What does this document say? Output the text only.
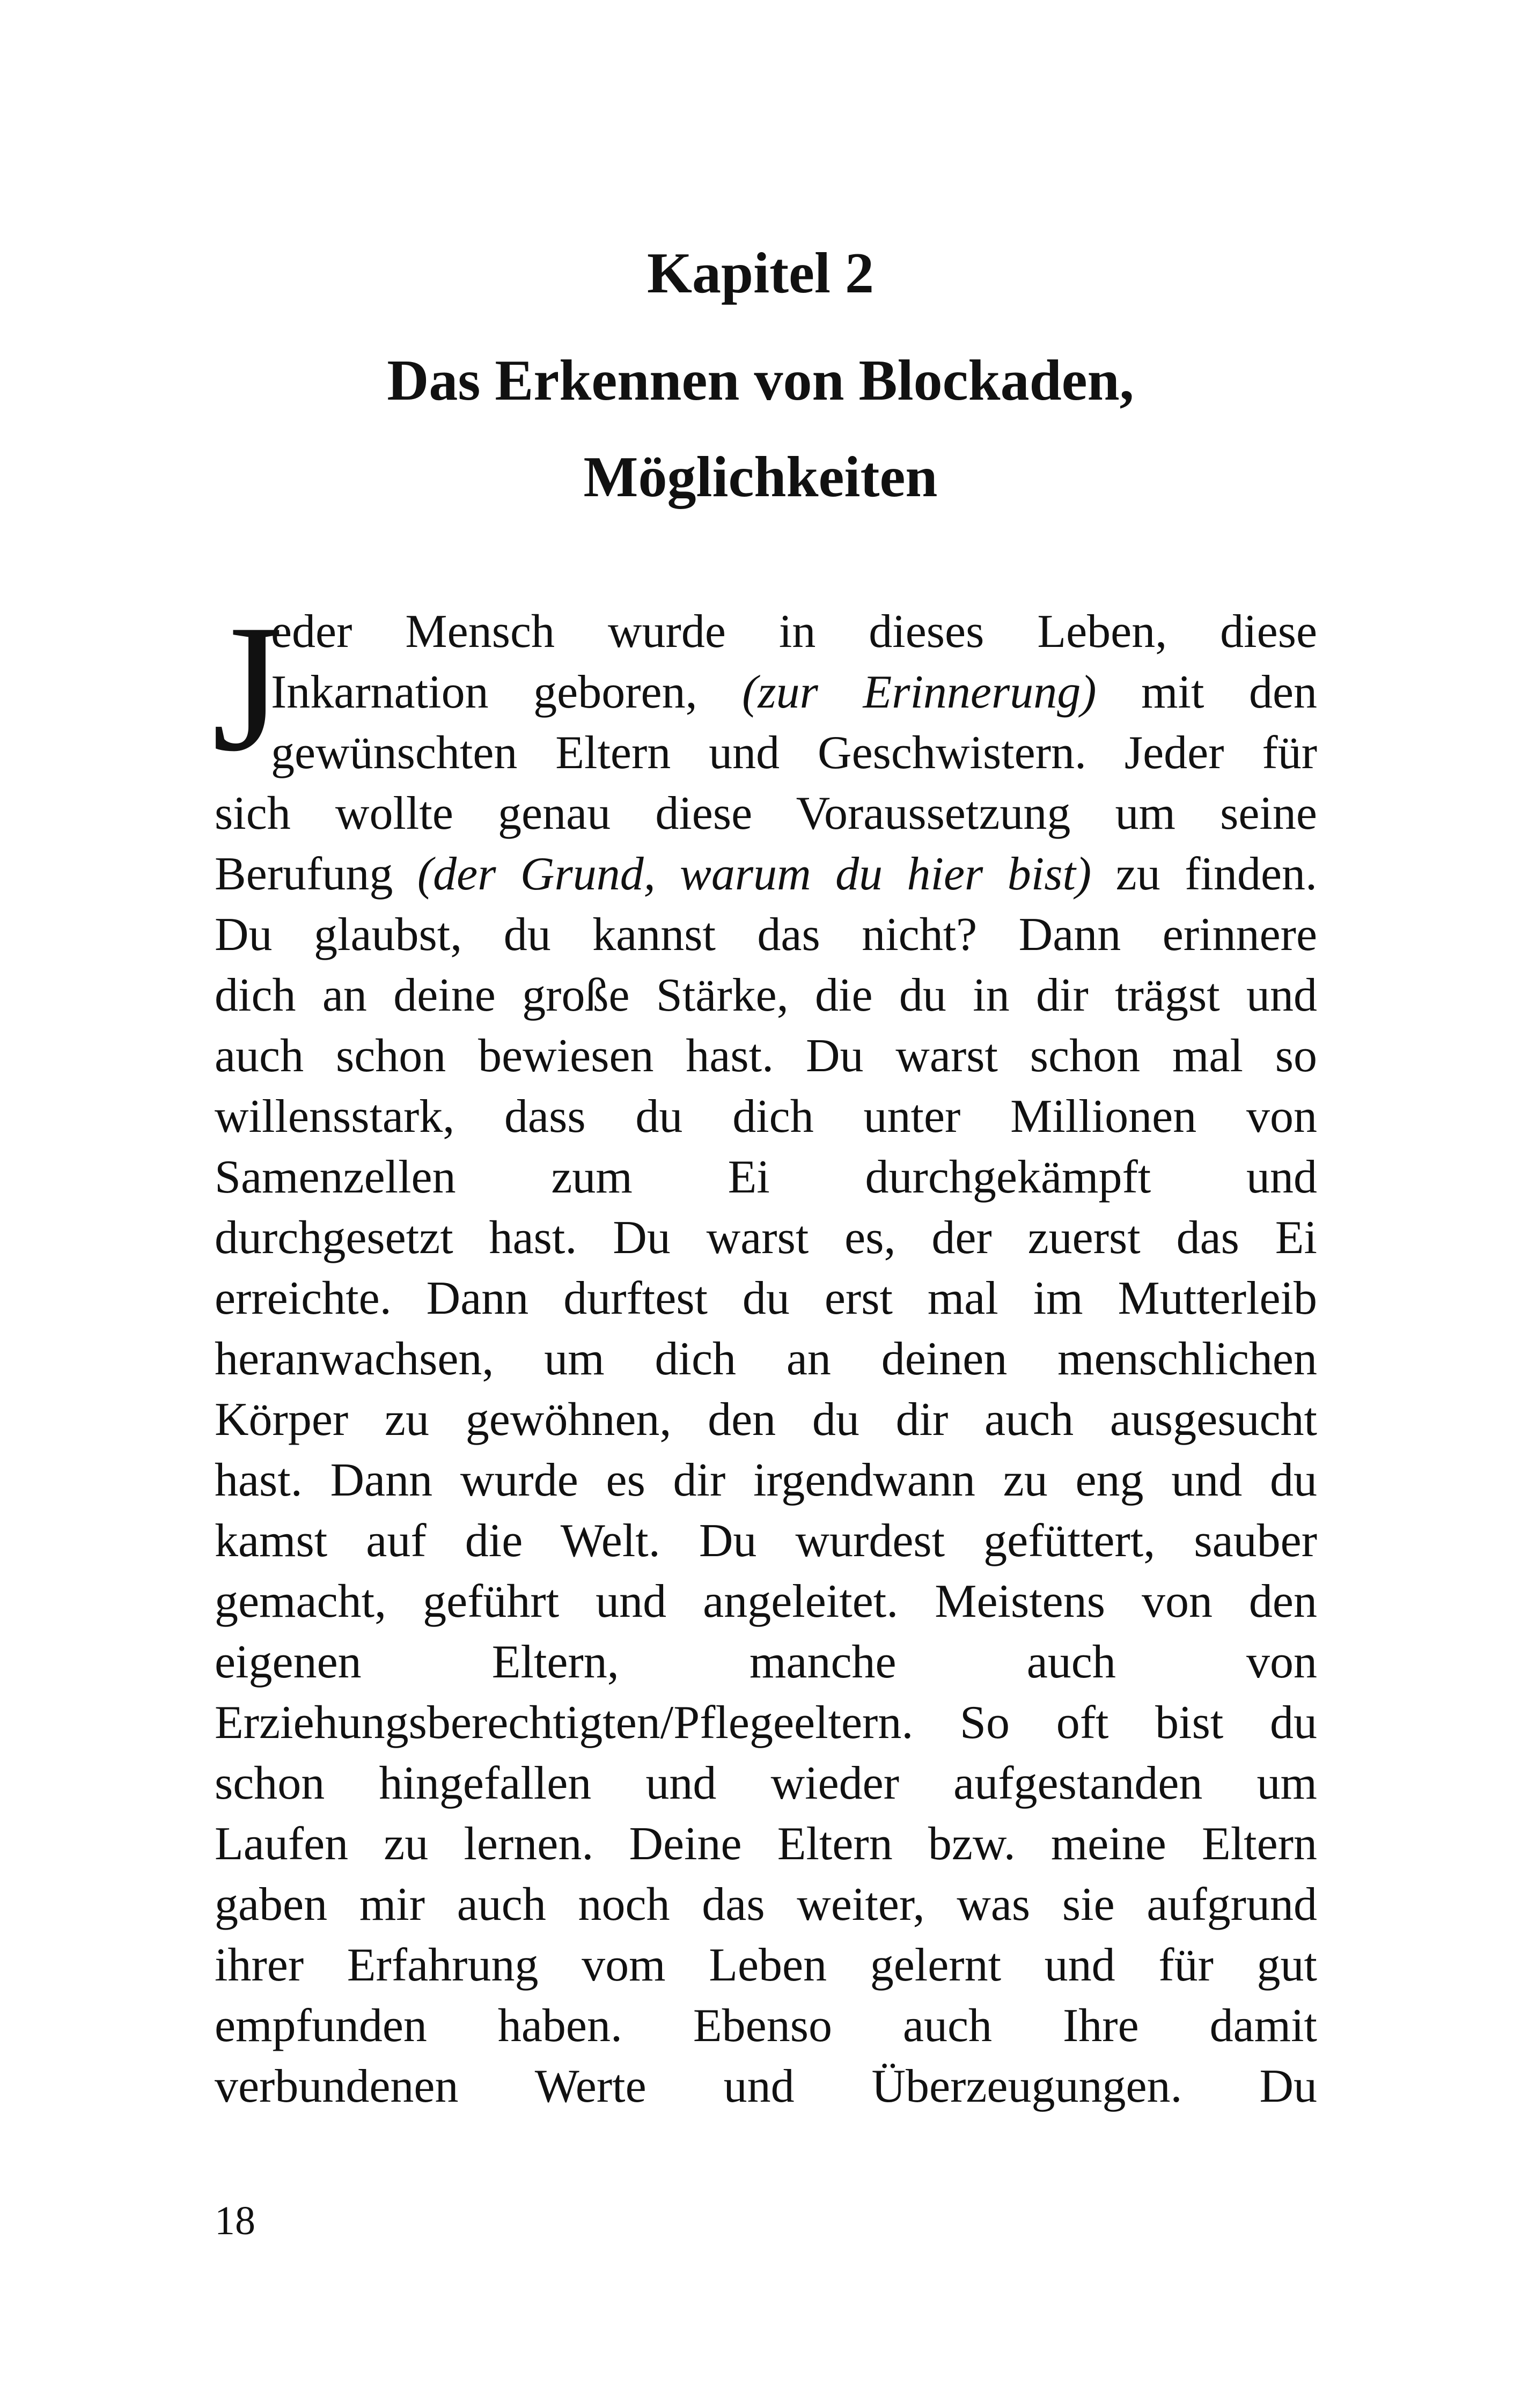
Kapitel 2
Das Erkennen von Blockaden,
Möglichkeiten
J
eder Mensch wurde in dieses Leben, diese
Inkarnation geboren, (zur Erinnerung) mit den
gewünschten Eltern und Geschwistern. Jeder für
sich wollte genau diese Voraussetzung um seine
Berufung (der Grund, warum du hier bist) zu finden.
Du glaubst, du kannst das nicht? Dann erinnere
dich an deine große Stärke, die du in dir trägst und
auch schon bewiesen hast. Du warst schon mal so
willensstark, dass du dich unter Millionen von
Samenzellen zum Ei durchgekämpft und
durchgesetzt hast. Du warst es, der zuerst das Ei
erreichte. Dann durftest du erst mal im Mutterleib
heranwachsen, um dich an deinen menschlichen
Körper zu gewöhnen, den du dir auch ausgesucht
hast. Dann wurde es dir irgendwann zu eng und du
kamst auf die Welt. Du wurdest gefüttert, sauber
gemacht, geführt und angeleitet. Meistens von den
eigenen Eltern, manche auch von
Erziehungsberechtigten/Pflegeeltern. So oft bist du
schon hingefallen und wieder aufgestanden um
Laufen zu lernen. Deine Eltern bzw. meine Eltern
gaben mir auch noch das weiter, was sie aufgrund
ihrer Erfahrung vom Leben gelernt und für gut
empfunden haben. Ebenso auch Ihre damit
verbundenen Werte und Überzeugungen. Du
18
